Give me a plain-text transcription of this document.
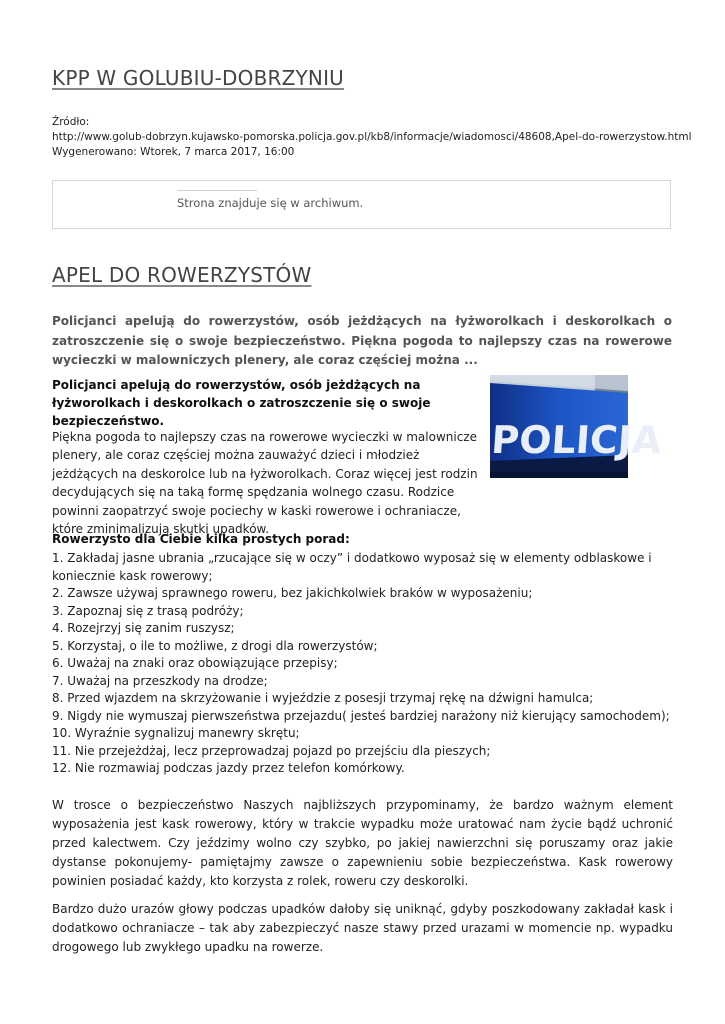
KPP W GOLUBIU-DOBRZYNIU
Źródło:
http://www.golub-dobrzyn.kujawsko-pomorska.policja.gov.pl/kb8/informacje/wiadomosci/48608,Apel-do-rowerzystow.html
Wygenerowano: Wtorek, 7 marca 2017, 16:00
Strona znajduje się w archiwum.
APEL DO ROWERZYSTÓW

Policjanci apelują do rowerzystów, osób jeżdżących na łyżworolkach i deskorolkach o zatroszczenie się o swoje bezpieczeństwo. Piękna pogoda to najlepszy czas na rowerowe wycieczki w malowniczych plenery, ale coraz częściej można ...

Policjanci apelują do rowerzystów, osób jeżdżących na łyżworolkach i deskorolkach o zatroszczenie się o swoje bezpieczeństwo.	POLICJA

Piękna pogoda to najlepszy czas na rowerowe wycieczki w malownicze plenery, ale coraz częściej można zauważyć dzieci i młodzież jeżdżących na deskorolce lub na łyżworolkach. Coraz więcej jest rodzin decydujących się na taką formę spędzania wolnego czasu. Rodzice powinni zaopatrzyć swoje pociechy w kaski rowerowe i ochraniacze, które zminimalizują skutki upadków.

Rowerzysto dla Ciebie kilka prostych porad:

1. Zakładaj jasne ubrania „rzucające się w oczy” i dodatkowo wyposaż się w elementy odblaskowe i koniecznie kask rowerowy;
2. Zawsze używaj sprawnego roweru, bez jakichkolwiek braków w wyposażeniu;
3. Zapoznaj się z trasą podróży;
4. Rozejrzyj się zanim ruszysz;
5. Korzystaj, o ile to możliwe, z drogi dla rowerzystów;
6. Uważaj na znaki oraz obowiązujące przepisy;
7. Uważaj na przeszkody na drodze;
8. Przed wjazdem na skrzyżowanie i wyjeździe z posesji trzymaj rękę na dźwigni hamulca;
9. Nigdy nie wymuszaj pierwszeństwa przejazdu( jesteś bardziej narażony niż kierujący samochodem);
10. Wyraźnie sygnalizuj manewry skrętu;
11. Nie przejeżdżaj, lecz przeprowadzaj pojazd po przejściu dla pieszych;
12. Nie rozmawiaj podczas jazdy przez telefon komórkowy.

W trosce o bezpieczeństwo Naszych najbliższych przypominamy, że bardzo ważnym element wyposażenia jest kask rowerowy, który w trakcie wypadku może uratować nam życie bądź uchronić przed kalectwem. Czy jeździmy wolno czy szybko, po jakiej nawierzchni się poruszamy oraz jakie dystanse pokonujemy- pamiętajmy zawsze o zapewnieniu sobie bezpieczeństwa. Kask rowerowy powinien posiadać każdy, kto korzysta z rolek, roweru czy deskorolki.

Bardzo dużo urazów głowy podczas upadków dałoby się uniknąć, gdyby poszkodowany zakładał kask i dodatkowo ochraniacze – tak aby zabezpieczyć nasze stawy przed urazami w momencie np. wypadku drogowego lub zwykłego upadku na rowerze.
